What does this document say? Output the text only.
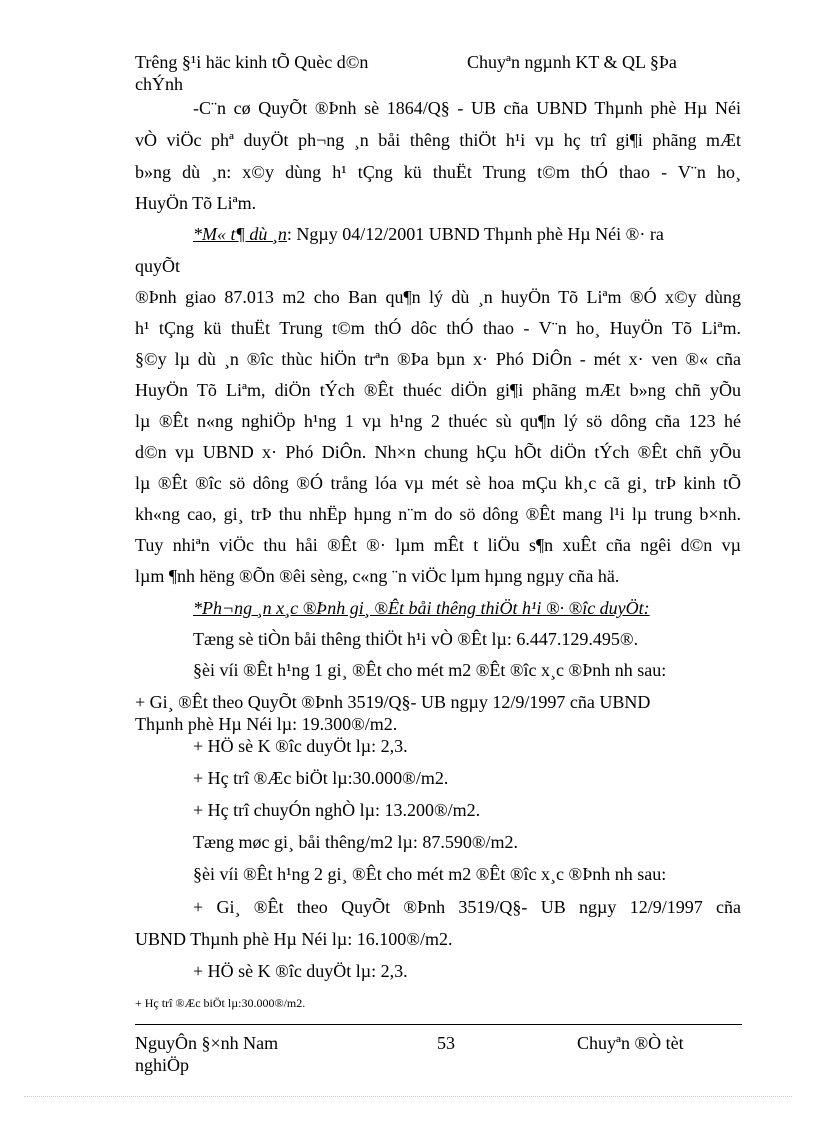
Trêng §¹i häc kinh tÕ Quèc d©n	Chuyªn ngµnh KT & QL §Þa
chÝnh
-C¨n cø QuyÕt ®Þnh sè 1864/Q§ - UB cña UBND Thµnh phè Hµ Néi
vÒ viÖc phª duyÖt ph¬ng ¸n båi thêng thiÖt h¹i vµ hç trî gi¶i phãng mÆt
b»ng dù ¸n: x©y dùng h¹ tÇng kü thuËt Trung t©m thÓ thao - V¨n ho¸
HuyÖn Tõ Liªm.
*M« t¶ dù ¸n: Ngµy 04/12/2001 UBND Thµnh phè Hµ Néi ®· ra
quyÕt
®Þnh giao 87.013 m2 cho Ban qu¶n lý dù ¸n huyÖn Tõ Liªm ®Ó x©y dùng
h¹ tÇng kü thuËt Trung t©m thÓ dôc thÓ thao - V¨n ho¸ HuyÖn Tõ Liªm.
§©y lµ dù ¸n ®îc thùc hiÖn trªn ®Þa bµn x· Phó DiÔn - mét x· ven ®« cña
HuyÖn Tõ Liªm, diÖn tÝch ®Êt thuéc diÖn gi¶i phãng mÆt b»ng chñ yÕu
lµ ®Êt n«ng nghiÖp h¹ng 1 vµ h¹ng 2 thuéc sù qu¶n lý sö dông cña 123 hé
d©n vµ UBND x· Phó DiÔn. Nh×n chung hÇu hÕt diÖn tÝch ®Êt chñ yÕu
lµ ®Êt ®îc sö dông ®Ó trång lóa vµ mét sè hoa mÇu kh¸c cã gi¸ trÞ kinh tÕ
kh«ng cao, gi¸ trÞ thu nhËp hµng n¨m do sö dông ®Êt mang l¹i lµ trung b×nh.
Tuy nhiªn viÖc thu håi ®Êt ®· lµm mÊt t liÖu s¶n xuÊt cña ngêi d©n vµ
lµm ¶nh hëng ®Õn ®êi sèng, c«ng ¨n viÖc lµm hµng ngµy cña hä.
*Ph¬ng ¸n x¸c ®Þnh gi¸ ®Êt båi thêng thiÖt h¹i ®· ®îc duyÖt:
Tæng sè tiÒn båi thêng thiÖt h¹i vÒ ®Êt lµ: 6.447.129.495®.
§èi víi ®Êt h¹ng 1 gi¸ ®Êt cho mét m2 ®Êt ®îc x¸c ®Þnh nh sau:
+ Gi¸ ®Êt theo QuyÕt ®Þnh 3519/Q§- UB ngµy 12/9/1997 cña UBND
Thµnh phè Hµ Néi lµ: 19.300®/m2.
+ HÖ sè K ®îc duyÖt lµ: 2,3.
+ Hç trî ®Æc biÖt lµ:30.000®/m2.
+ Hç trî chuyÓn nghÒ lµ: 13.200®/m2.
Tæng møc gi¸ båi thêng/m2 lµ: 87.590®/m2.
§èi víi ®Êt h¹ng 2 gi¸ ®Êt cho mét m2 ®Êt ®îc x¸c ®Þnh nh sau:
+ Gi¸ ®Êt theo QuyÕt ®Þnh 3519/Q§- UB ngµy 12/9/1997 cña
UBND Thµnh phè Hµ Néi lµ: 16.100®/m2.
+ HÖ sè K ®îc duyÖt lµ: 2,3.
+ Hç trî ®Æc biÖt lµ:30.000®/m2.
NguyÔn §×nh Nam	53	Chuyªn ®Ò tèt
nghiÖp
